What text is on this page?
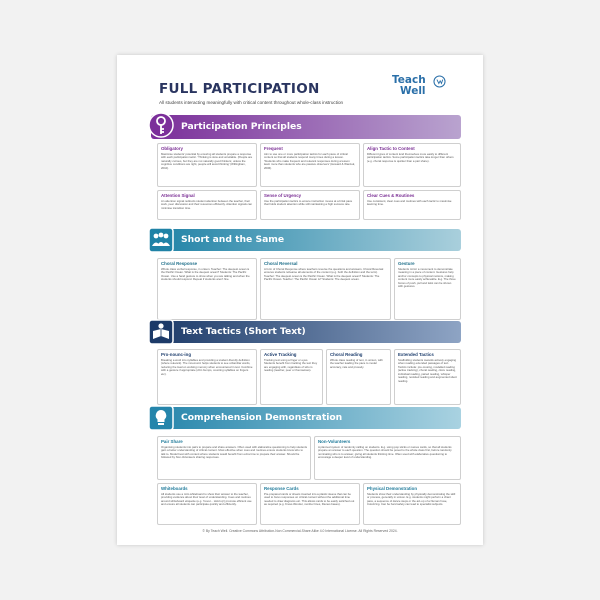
FULL PARTICIPATION
All students interacting meaningfully with critical content throughout whole-class instruction
Teach
Well
Participation Principles
Obligatory
Maximise students' potential by ensuring all students prepare a response with each participation tactic. 'Thinking is slow and unreliable. (People are naturally curious, but they are not naturally good thinkers; unless the cognitive conditions are right, people will avoid thinking' (Willingham, 2010).
Frequent
Aim to use one or more participation tactics for each piece of critical content so that all students respond many times during a lesson. 'Students who make frequent and relevant responses during a lesson learn more than students who are passive observers' (Heward & Wanzek, 2006).
Align Tactic to Content
Different types of content lend themselves more easily to different participation tactics. Some participation tactics take longer than others (e.g. choral response is quicker than a pair share).
Attention Signal
An attention signal redirects student attention between the teacher, their work, peer discussion and their resources efficiently. Attention signals can minimise transition time.
Sense of Urgency
Use the participation tactics to ensure instruction moves at a brisk pace that holds student attention while still maintaining a high success rate.
Clear Cues & Routines
Use consistent, clear cues and routines with each tactic to maximise learning time.
Short and the Same
Choral Response
Whole class verbal response, in unison. Teacher: The deepest ocean is the Pacific Ocean. What is the deepest ocean? Students: The Pacific Ocean. Use a hand gesture to show when you are talking and when the students should respond. Repeat if students aren't fine.
Choral Reversal
A form of Choral Response where teachers reverse the questions and answers. Choral Reversal ensures students rehearse all elements of the content (e.g. both the definition and the term). Teacher: The deepest ocean is the Pacific Ocean. What is the deepest ocean? Students: The Pacific Ocean. Teacher: The Pacific Ocean is? Students: The deepest ocean.
Gesture
Students mirror a movement to demonstrate meaning in a piece of content. Gestures help anchor concepts to physical motions, making content more easily achievable. E.g. The three forces of push, pull and twist can be shown with gestures.
Text Tactics (Short Text)
Pro-nounc-ing
Breaking a word into syllables and providing a student-friendly definition (where relevant). The mnemonic helps students to see unfamiliar words, reducing the load on working memory when encountered in text. Combine with a gesture if appropriate (chin bumps, counting syllables on fingers etc).
Active Tracking
Tracking text using a finger or eyes. Students benefit from tracking the text they are engaging with, regardless of who is reading (teacher, peer or themselves).
Choral Reading
Whole class reading of text, in unison, with the teacher leading the pace to model accuracy, rate and prosody.
Extended Tactics
Scaffolding students towards actively engaging when reading extended passages of text. Tactics include: pre-rousing, modelled reading (active tracking), choral reading, cloze reading, individual reading, paired reading, whisper reading, revisited reading and augmented silent reading.
Comprehension Demonstration
Pair Share
Organising students into pairs to prepare and share answers. Often used with elaborative questioning to help students gain a better understanding of critical content. Most effective when cues and routines ensure students know who to talk to. Model best with content where students would benefit from extra time to prepare their answer. Should be followed by Non-Volunteers sharing responses.
Non-Volunteers
A planned system of randomly calling on students. E.g. using pop sticks or names cards, so that all students prepare an answer to each question. The question should be posed to the whole class first, before randomly nominating who is to answer, giving all students thinking time. Often used with elaborative questioning to encourage a deeper level of understanding.
Whiteboards
All students use a mini-whiteboard to show their answer to the teacher, providing evidence about their level of understanding. Cues and routines around whiteboard etiquette (e.g. 'Cover... Hold up') promote efficient use and ensure all students can participate quickly and efficiently.
Response Cards
Pre-prepared cards or sheets inserted into a plastic sleeve that can be used to focus responses on critical content without the additional time needed to draw diagrams etc. This allows cards to be easily switched out as required (e.g. Know-Wonder, number lines, Dienes bases).
Physical Demonstration
Students show their understanding by physically demonstrating the skill or process, generally in unison. E.g. students might perform a chant pass, a sequence of dance steps or the act-up of a Numan hose, Colorizing. Can be hard safety can lead to specialist subjects.
© By Teach Well. Creative Commons Attribution-Non Commercial-Share Alike 4.0 International License. All Rights Reserved 2024.
